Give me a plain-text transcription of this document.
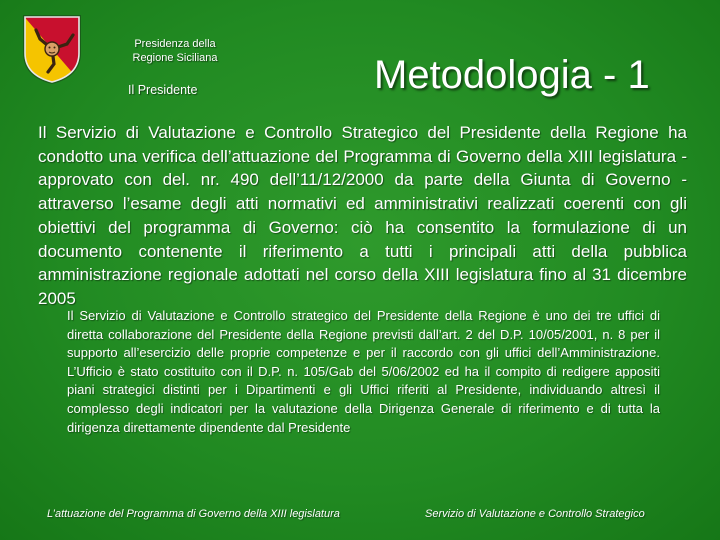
Presidenza della
Regione Siciliana
Il Presidente	Metodologia - 1
Il Servizio di Valutazione e Controllo Strategico del Presidente della Regione ha condotto una verifica dell’attuazione del Programma di Governo della XIII legislatura - approvato con del. nr. 490 dell’11/12/2000 da parte della Giunta di Governo - attraverso l’esame degli atti normativi ed amministrativi realizzati coerenti con gli obiettivi del programma di Governo: ciò ha consentito la formulazione di un documento contenente il riferimento a tutti i principali atti della pubblica amministrazione regionale adottati nel corso della XIII legislatura fino al 31 dicembre 2005
Il Servizio di Valutazione e Controllo strategico del Presidente della Regione è uno dei tre uffici di diretta collaborazione del Presidente della Regione previsti dall’art. 2 del D.P. 10/05/2001, n. 8 per il supporto all’esercizio delle proprie competenze e per il raccordo con gli uffici dell’Amministrazione. L’Ufficio è stato costituito con il D.P. n. 105/Gab del 5/06/2002 ed ha il compito di redigere appositi piani strategici distinti per i Dipartimenti e gli Uffici riferiti al Presidente, individuando altresì il complesso degli indicatori per la valutazione della Dirigenza Generale di riferimento e di tutta la dirigenza direttamente dipendente dal Presidente
L’attuazione del Programma di Governo della XIII legislatura	Servizio di Valutazione e Controllo Strategico
